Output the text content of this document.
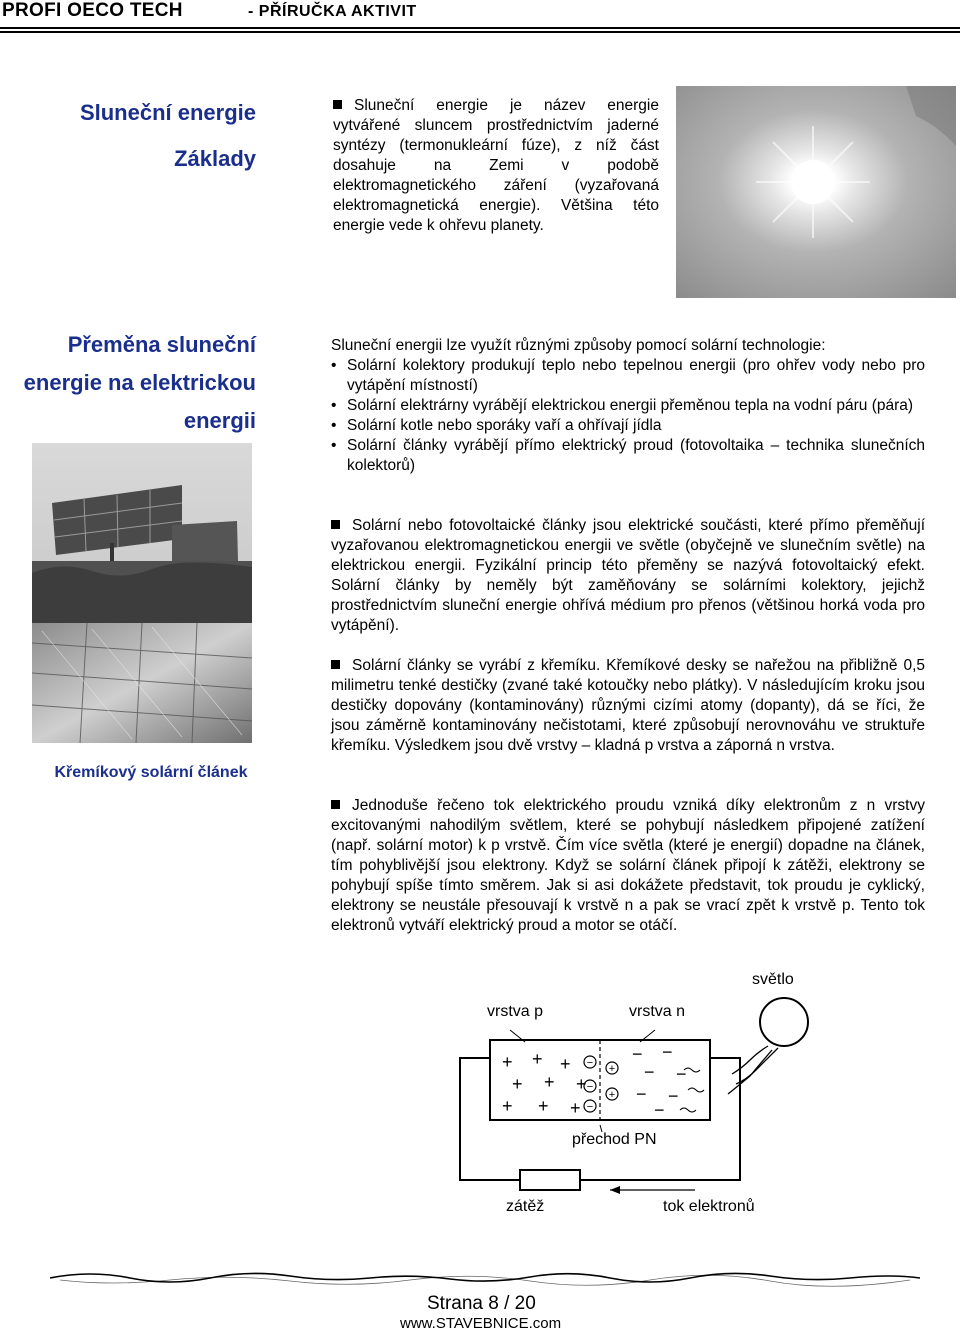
PROFI OECO TECH	- PŘÍRUČKA AKTIVIT
Sluneční energie
Základy
Sluneční energie je název energie vytvářené sluncem prostřednictvím jaderné syntézy (termonukleární fúze), z níž část dosahuje na Zemi v podobě elektromagnetického záření (vyzařovaná elektromagnetická energie). Většina této energie vede k ohřevu planety.
Přeměna sluneční
energie na elektrickou
energii
Sluneční energii lze využít různými způsoby pomocí solární technologie:
• Solární kolektory produkují teplo nebo tepelnou energii (pro ohřev vody nebo pro vytápění místností)
• Solární elektrárny vyrábějí elektrickou energii přeměnou tepla na vodní páru (pára)
• Solární kotle nebo sporáky vaří a ohřívají jídla
• Solární články vyrábějí přímo elektrický proud (fotovoltaika – technika slunečních kolektorů)
Solární nebo fotovoltaické články jsou elektrické součásti, které přímo přeměňují vyzařovanou elektromagnetickou energii ve světle (obyčejně ve slunečním světle) na elektrickou energii. Fyzikální princip této přeměny se nazývá fotovoltaický efekt. Solární články by neměly být zaměňovány se solárními kolektory, jejichž prostřednictvím sluneční energie ohřívá médium pro přenos (většinou horká voda pro vytápění).
Solární články se vyrábí z křemíku. Křemíkové desky se nařežou na přibližně 0,5 milimetru tenké destičky (zvané také kotoučky nebo plátky). V následujícím kroku jsou destičky dopovány (kontaminovány) různými cizími atomy (dopanty), dá se říci, že jsou záměrně kontaminovány nečistotami, které způsobují nerovnováhu ve struktuře křemíku. Výsledkem jsou dvě vrstvy – kladná p vrstva a záporná n vrstva.
Jednoduše řečeno tok elektrického proudu vzniká díky elektronům z n vrstvy excitovanými nahodilým světlem, které se pohybují následkem připojené zatížení (např. solární motor) k p vrstvě. Čím více světla (které je energií) dopadne na článek, tím pohyblivější jsou elektrony. Když se solární článek připojí k zátěži, elektrony se pohybují spíše tímto směrem. Jak si asi dokážete představit, tok proudu je cyklický, elektrony se neustále přesouvají k vrstvě n a pak se vrací zpět k vrstvě p. Tento tok elektronů vytváří elektrický proud a motor se otáčí.
Křemíkový solární článek
světlo
vrstva p	vrstva n
přechod PN
zátěž	tok elektronů
+ + +
+ + +
+ + +
−
−
−
+
+
− −
− −
− −
−
Strana 8 / 20
www.STAVEBNICE.com
